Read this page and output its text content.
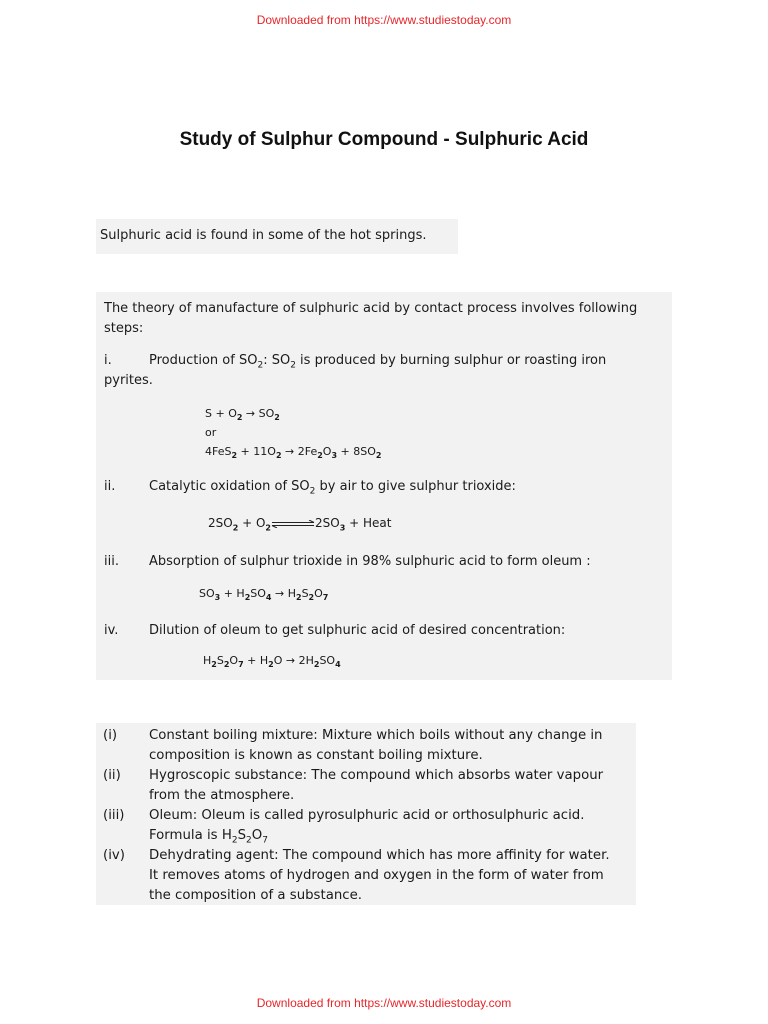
Downloaded from https://www.studiestoday.com
Study of Sulphur Compound - Sulphuric Acid
Sulphuric acid is found in some of the hot springs.
The theory of manufacture of sulphuric acid by contact process involves following
steps:
i.	Production of $SO_2$: $SO_2$ is produced by burning sulphur or roasting iron
pyrites.
$S + O_2 \to SO_2$
or
$4FeS_2 + 11O_2 \to 2Fe_2O_3 + 8SO_2$
ii.	Catalytic oxidation of $SO_2$ by air to give sulphur trioxide:
$2SO_2$ + $O_2\rightleftharpoons 2SO_3$ + Heat
iii. Absorption of sulphur trioxide in 98% sulphuric acid to form oleum :
$SO_3 + H_2SO_4 \to H_2S_2O_7$
iv. Dilution of oleum to get sulphuric acid of desired concentration:
$H_2S_2O_7 + H_2O \to 2H_2SO_4$
(i) Constant boiling mixture: Mixture which boils without any change in
composition is known as constant boiling mixture.
(ii) Hygroscopic substance: The compound which absorbs water vapour
from the atmosphere.
(iii) Oleum: Oleum is called pyrosulphuric acid or orthosulphuric acid.
Formula is $H_2S_2O_7$
(iv) Dehydrating agent: The compound which has more affinity for water.
It removes atoms of hydrogen and oxygen in the form of water from
the composition of a substance.
Downloaded from https://www.studiestoday.com
